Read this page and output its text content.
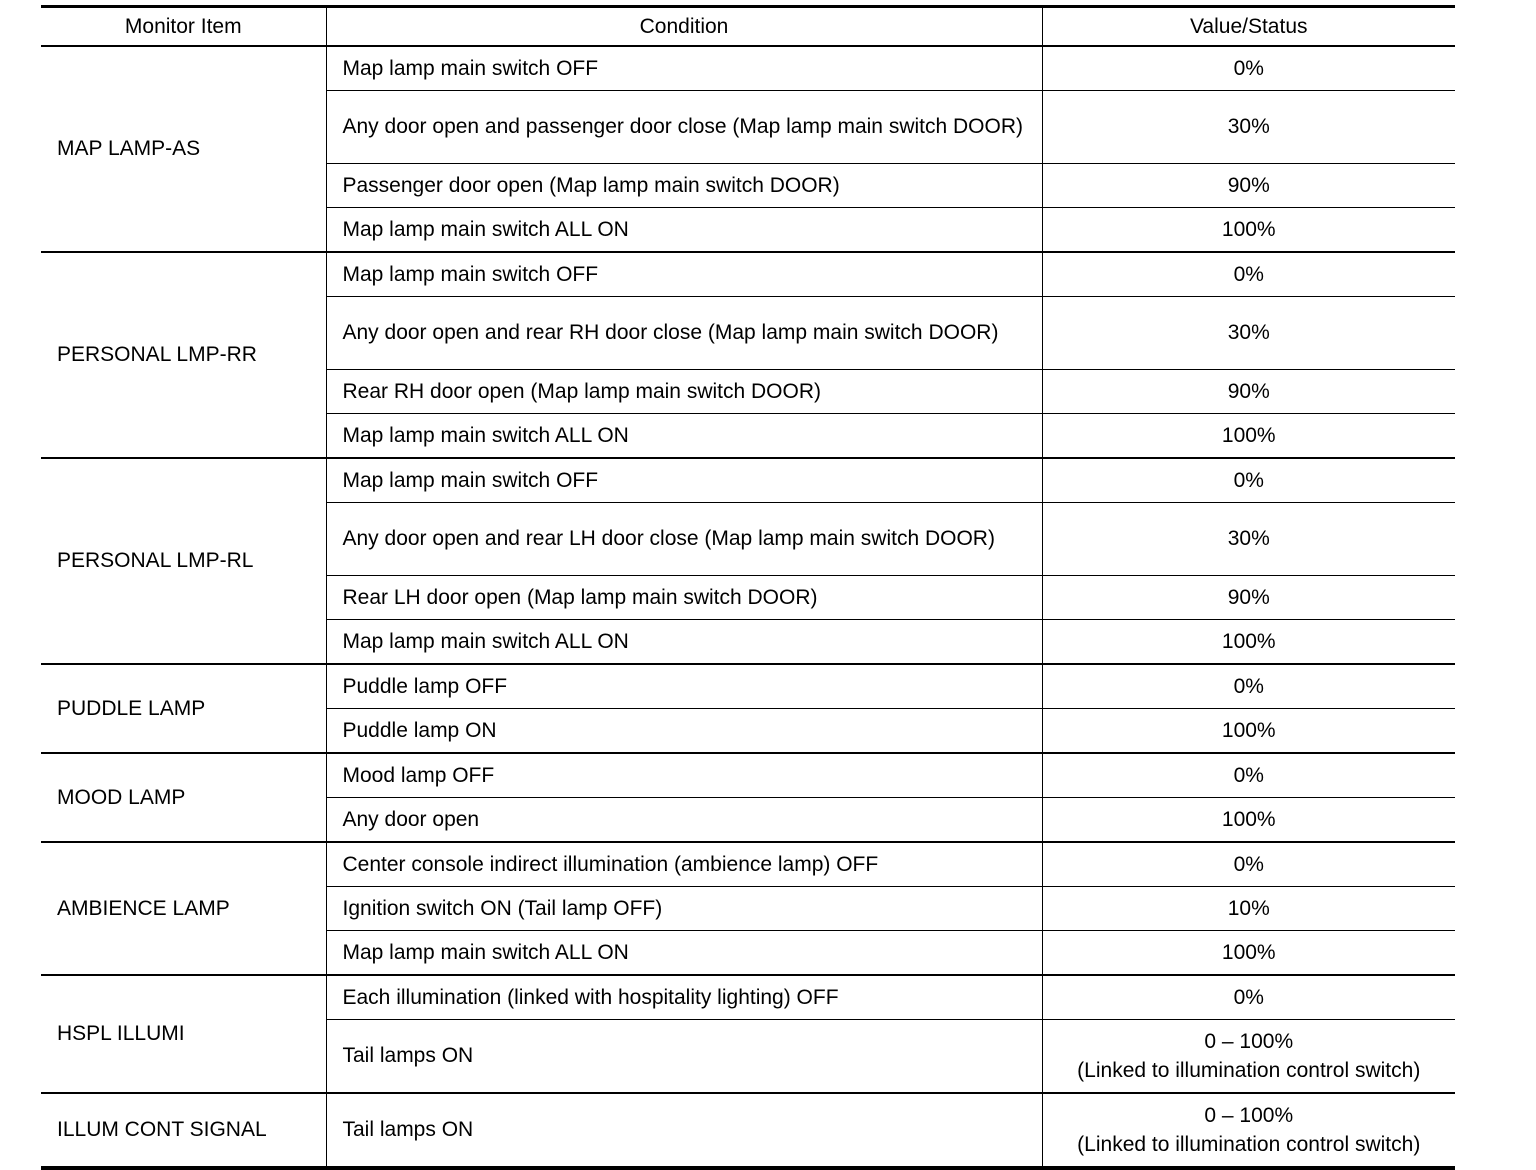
Monitor Item	Condition	Value/Status
MAP LAMP-AS	Map lamp main switch OFF	0%

	Any door open and passenger door close (Map lamp main switch DOOR)	30%

	Passenger door open (Map lamp main switch DOOR)	90%

	Map lamp main switch ALL ON	100%

PERSONAL LMP-RR	Map lamp main switch OFF	0%

	Any door open and rear RH door close (Map lamp main switch DOOR)	30%

	Rear RH door open (Map lamp main switch DOOR)	90%

	Map lamp main switch ALL ON	100%

PERSONAL LMP-RL	Map lamp main switch OFF	0%

	Any door open and rear LH door close (Map lamp main switch DOOR)	30%

	Rear LH door open (Map lamp main switch DOOR)	90%

	Map lamp main switch ALL ON	100%

PUDDLE LAMP	Puddle lamp OFF	0%

	Puddle lamp ON	100%

MOOD LAMP	Mood lamp OFF	0%

	Any door open	100%

AMBIENCE LAMP	Center console indirect illumination (ambience lamp) OFF	0%

	Ignition switch ON (Tail lamp OFF)	10%

	Map lamp main switch ALL ON	100%

HSPL ILLUMI	Each illumination (linked with hospitality lighting) OFF	0%

	Tail lamps ON	0 – 100%
(Linked to illumination control switch)

ILLUM CONT SIGNAL	Tail lamps ON	0 – 100%
(Linked to illumination control switch)
